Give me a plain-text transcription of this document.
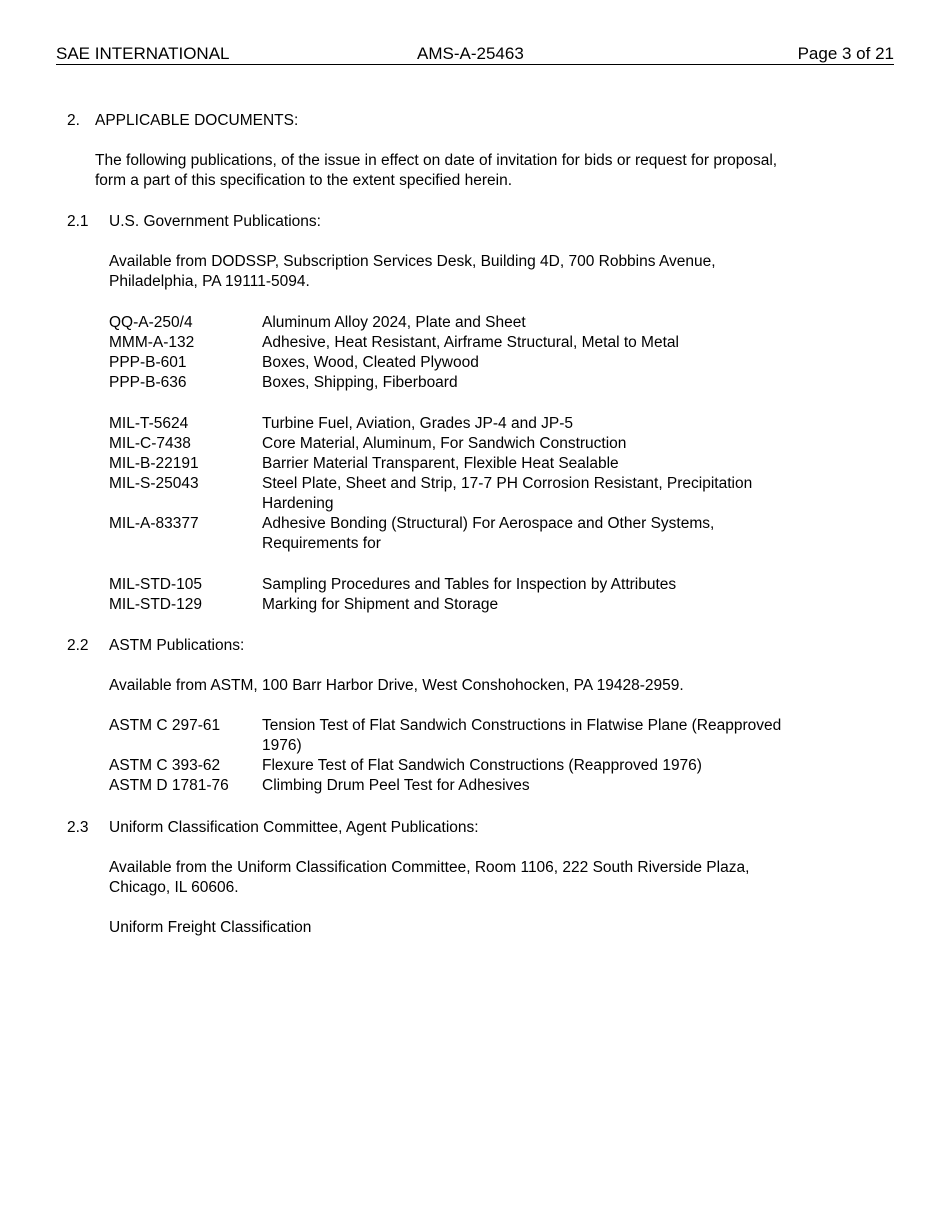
SAE INTERNATIONAL	AMS-A-25463	Page 3 of 21
2. APPLICABLE DOCUMENTS:
The following publications, of the issue in effect on date of invitation for bids or request for proposal,
form a part of this specification to the extent specified herein.
2.1 U.S. Government Publications:
Available from DODSSP, Subscription Services Desk, Building 4D, 700 Robbins Avenue,
Philadelphia, PA 19111-5094.
QQ-A-250/4	Aluminum Alloy 2024, Plate and Sheet
MMM-A-132	Adhesive, Heat Resistant, Airframe Structural, Metal to Metal
PPP-B-601	Boxes, Wood, Cleated Plywood
PPP-B-636	Boxes, Shipping, Fiberboard
MIL-T-5624	Turbine Fuel, Aviation, Grades JP-4 and JP-5
MIL-C-7438	Core Material, Aluminum, For Sandwich Construction
MIL-B-22191	Barrier Material Transparent, Flexible Heat Sealable
MIL-S-25043	Steel Plate, Sheet and Strip, 17-7 PH Corrosion Resistant, Precipitation
Hardening
MIL-A-83377	Adhesive Bonding (Structural) For Aerospace and Other Systems,
Requirements for
MIL-STD-105	Sampling Procedures and Tables for Inspection by Attributes
MIL-STD-129	Marking for Shipment and Storage
2.2 ASTM Publications:
Available from ASTM, 100 Barr Harbor Drive, West Conshohocken, PA 19428-2959.
ASTM C 297-61	Tension Test of Flat Sandwich Constructions in Flatwise Plane (Reapproved
1976)
ASTM C 393-62	Flexure Test of Flat Sandwich Constructions (Reapproved 1976)
ASTM D 1781-76	Climbing Drum Peel Test for Adhesives
2.3 Uniform Classification Committee, Agent Publications:
Available from the Uniform Classification Committee, Room 1106, 222 South Riverside Plaza,
Chicago, IL 60606.
Uniform Freight Classification
